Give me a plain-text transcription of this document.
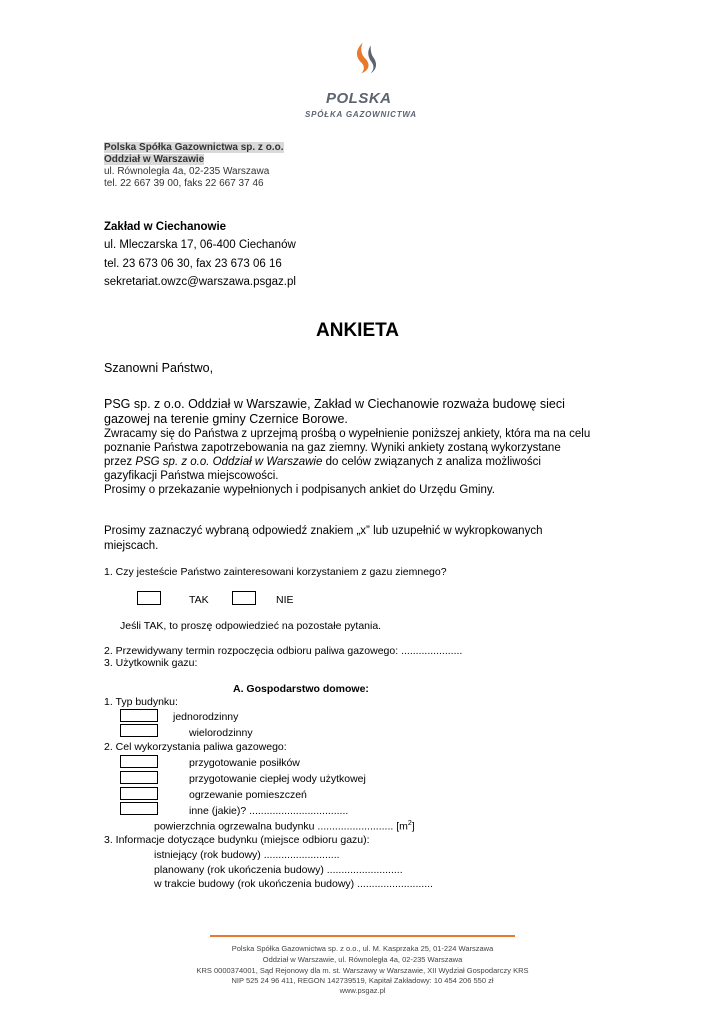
POLSKA
SPÓŁKA GAZOWNICTWA
Polska Spółka Gazownictwa sp. z o.o.
Oddział w Warszawie
ul. Równoległa 4a, 02-235 Warszawa
tel. 22 667 39 00, faks 22 667 37 46
Zakład w Ciechanowie
ul. Mleczarska 17, 06-400 Ciechanów
tel. 23 673 06 30, fax 23 673 06 16
sekretariat.owzc@warszawa.psgaz.pl
ANKIETA
Szanowni Państwo,
PSG sp. z o.o. Oddział w Warszawie, Zakład w Ciechanowie rozważa budowę sieci
gazowej na terenie gminy Czernice Borowe.
Zwracamy się do Państwa z uprzejmą prośbą o wypełnienie poniższej ankiety, która ma na celu
poznanie Państwa zapotrzebowania na gaz ziemny. Wyniki ankiety zostaną wykorzystane
przez PSG sp. z o.o. Oddział w Warszawie do celów związanych z analiza możliwości
gazyfikacji Państwa miejscowości.
Prosimy o przekazanie wypełnionych i podpisanych ankiet do Urzędu Gminy.
Prosimy zaznaczyć wybraną odpowiedź znakiem „x” lub uzupełnić w wykropkowanych
miejscach.
1. Czy jesteście Państwo zainteresowani korzystaniem z gazu ziemnego?
TAK	NIE
Jeśli TAK, to proszę odpowiedzieć na pozostałe pytania.
2. Przewidywany termin rozpoczęcia odbioru paliwa gazowego: .....................
3. Użytkownik gazu:
A. Gospodarstwo domowe:
1. Typ budynku:
jednorodzinny
wielorodzinny
2. Cel wykorzystania paliwa gazowego:
przygotowanie posiłków
przygotowanie ciepłej wody użytkowej
ogrzewanie pomieszczeń
inne (jakie)? ..................................
powierzchnia ogrzewalna budynku .......................... $[m^2]$
3. Informacje dotyczące budynku (miejsce odbioru gazu):
istniejący (rok budowy) ..........................
planowany (rok ukończenia budowy) ..........................
w trakcie budowy (rok ukończenia budowy) ..........................
Polska Spółka Gazownictwa sp. z o.o., ul. M. Kasprzaka 25, 01-224 Warszawa
Oddział w Warszawie, ul. Równoległa 4a, 02-235 Warszawa
KRS 0000374001, Sąd Rejonowy dla m. st. Warszawy w Warszawie, XII Wydział Gospodarczy KRS
NIP 525 24 96 411, REGON 142739519, Kapitał Zakładowy: 10 454 206 550 zł
www.psgaz.pl
